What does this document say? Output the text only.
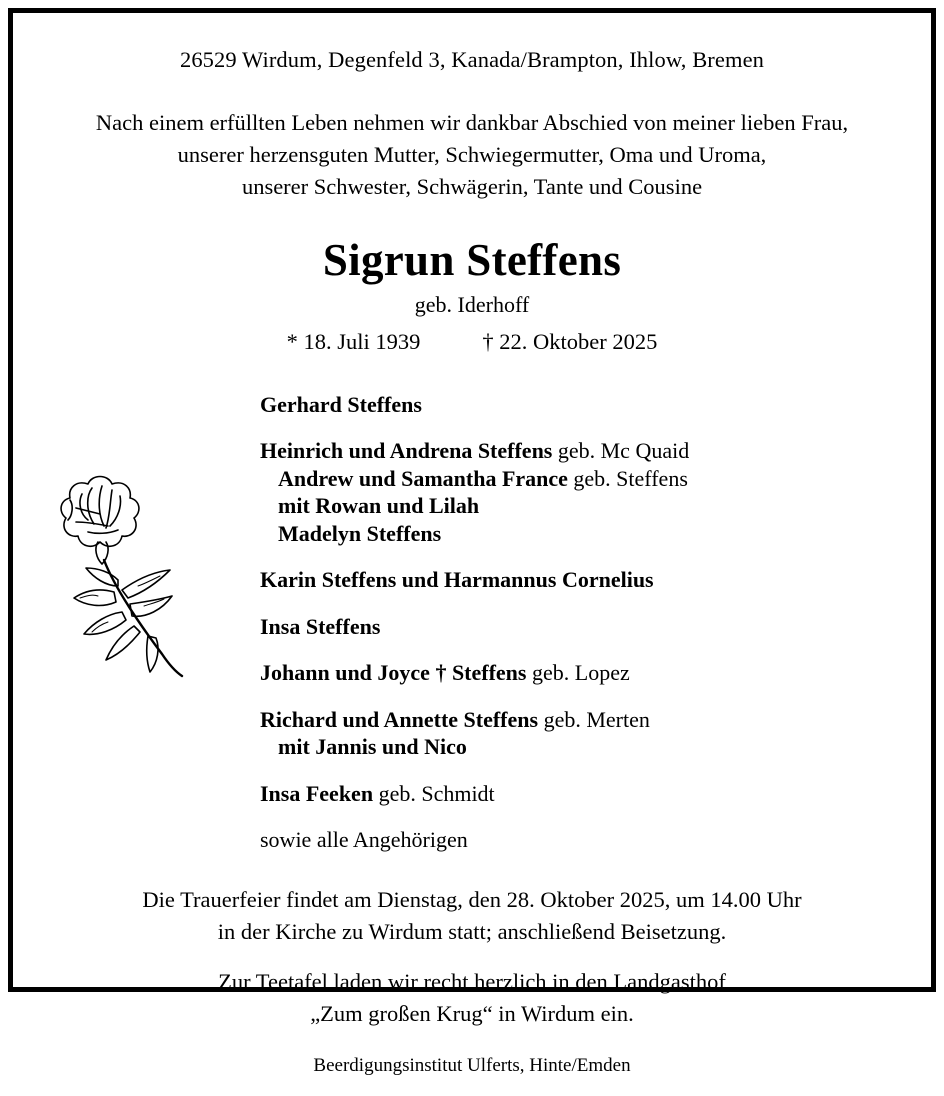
26529 Wirdum, Degenfeld 3, Kanada/Brampton, Ihlow, Bremen
Nach einem erfüllten Leben nehmen wir dankbar Abschied von meiner lieben Frau,
unserer herzensguten Mutter, Schwiegermutter, Oma und Uroma,
unserer Schwester, Schwägerin, Tante und Cousine
Sigrun Steffens
geb. Iderhoff
* 18. Juli 1939	† 22. Oktober 2025
Gerhard Steffens
Heinrich und Andrena Steffens geb. Mc Quaid
Andrew und Samantha France geb. Steffens
mit Rowan und Lilah
Madelyn Steffens
Karin Steffens und Harmannus Cornelius
Insa Steffens
Johann und Joyce † Steffens geb. Lopez
Richard und Annette Steffens geb. Merten
mit Jannis und Nico
Insa Feeken geb. Schmidt
sowie alle Angehörigen
Die Trauerfeier findet am Dienstag, den 28. Oktober 2025, um 14.00 Uhr
in der Kirche zu Wirdum statt; anschließend Beisetzung.
Zur Teetafel laden wir recht herzlich in den Landgasthof
„Zum großen Krug“ in Wirdum ein.
Beerdigungsinstitut Ulferts, Hinte/Emden
